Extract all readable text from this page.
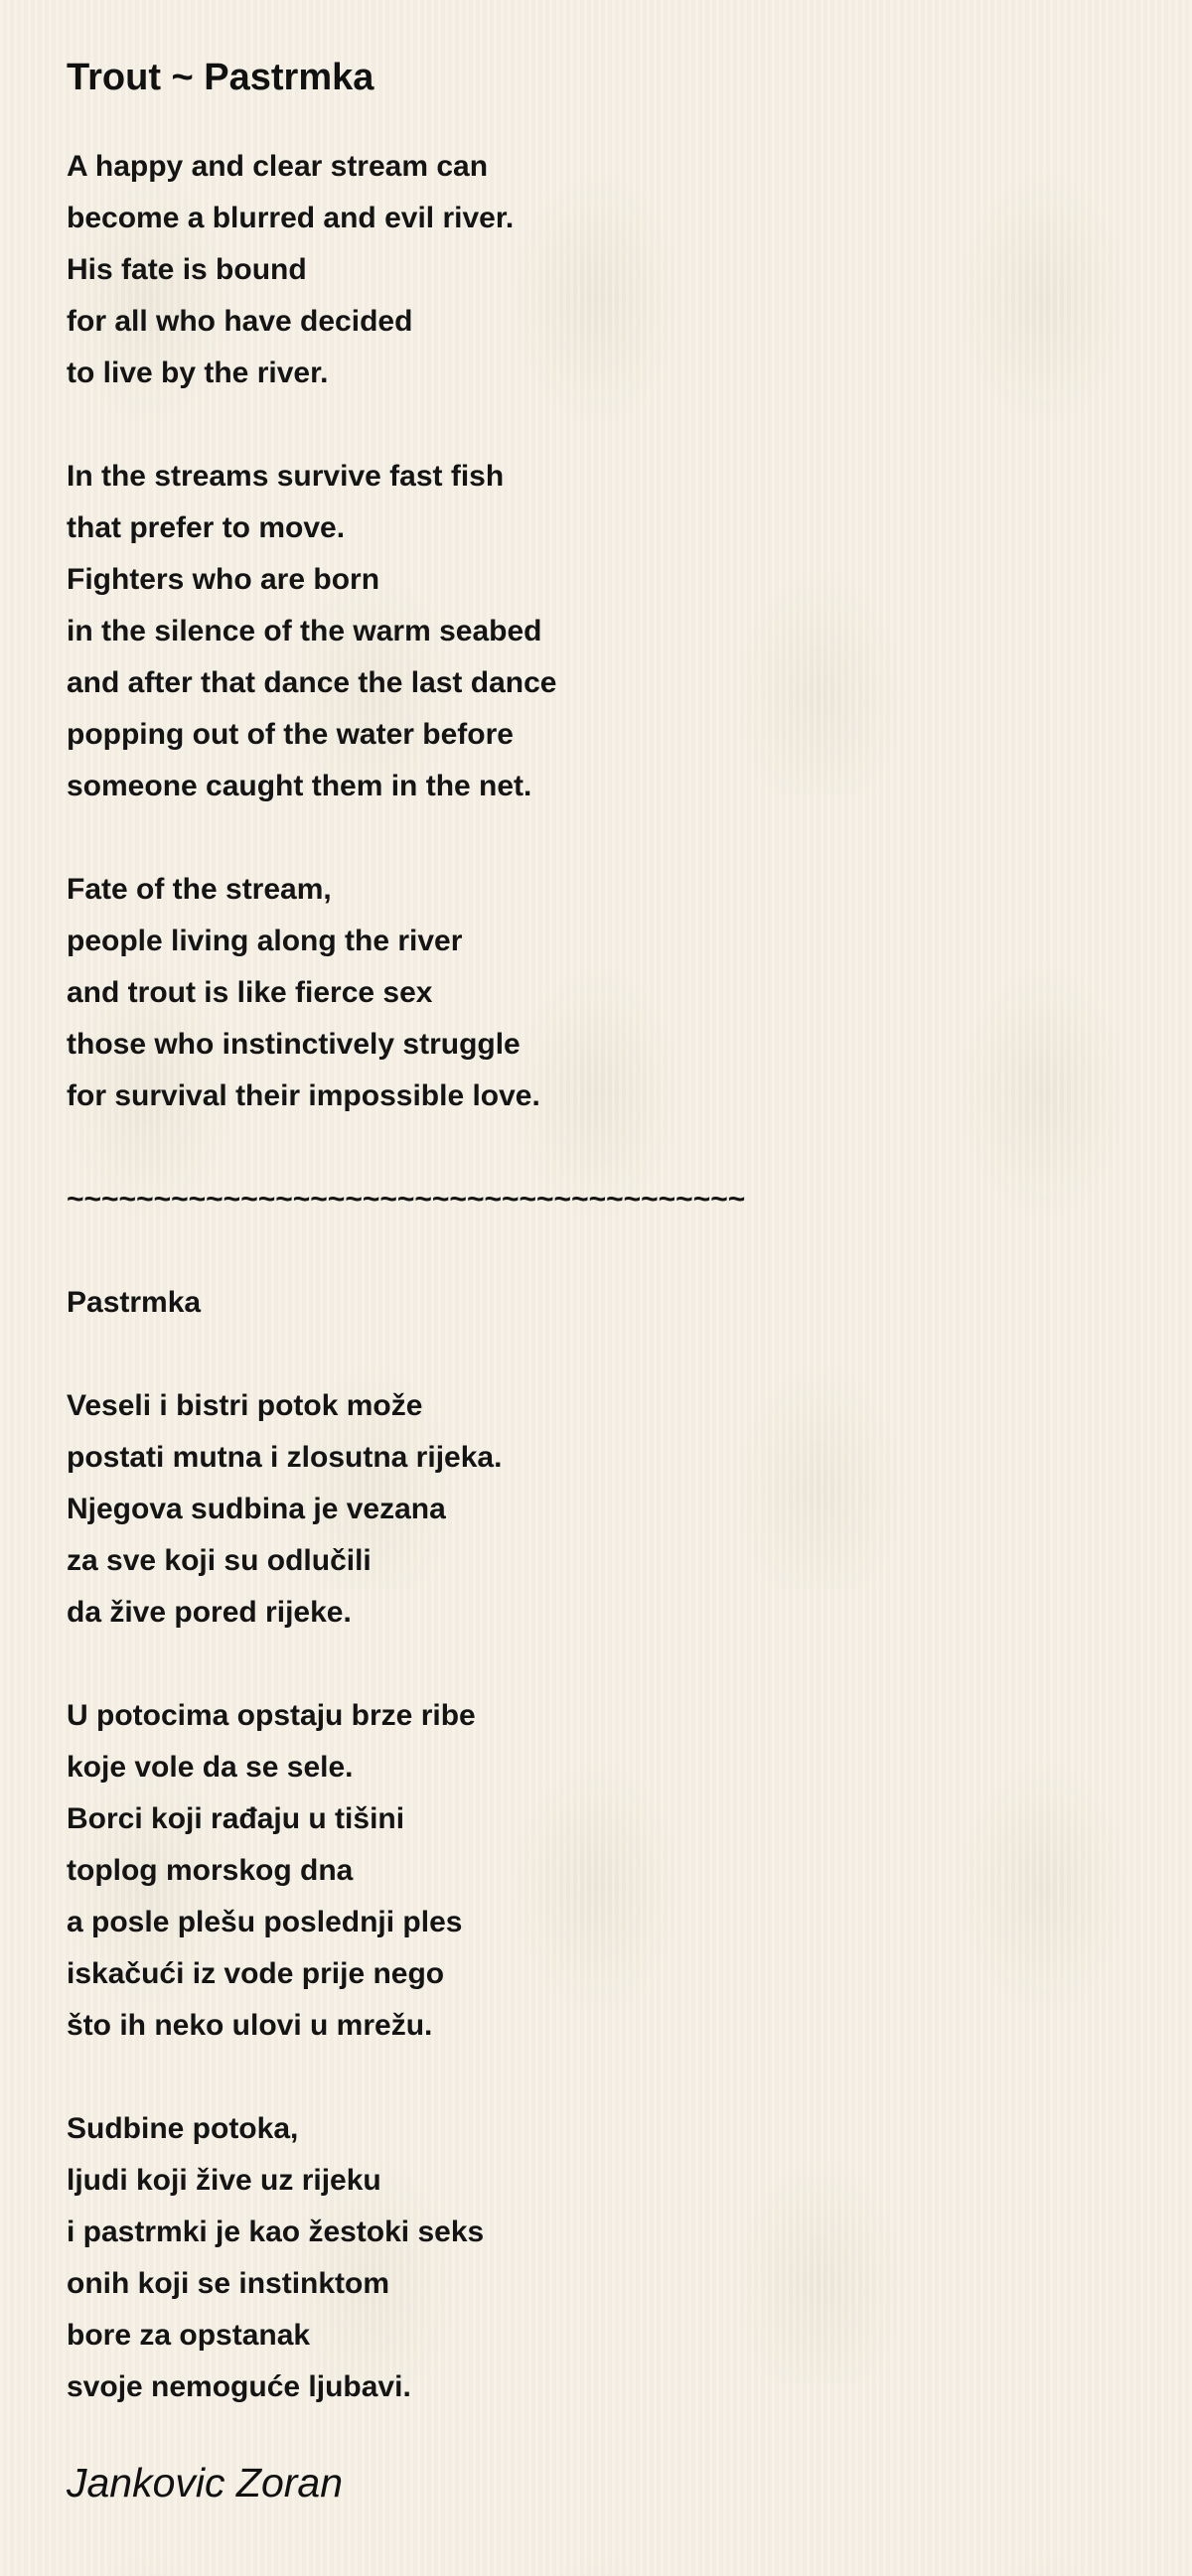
Trout ~ Pastrmka
A happy and clear stream can
become a blurred and evil river.
His fate is bound
for all who have decided
to live by the river.
In the streams survive fast fish
that prefer to move.
Fighters who are born
in the silence of the warm seabed
and after that dance the last dance
popping out of the water before
someone caught them in the net.
Fate of the stream,
people living along the river
and trout is like fierce sex
those who instinctively struggle
for survival their impossible love.
~~~~~~~~~~~~~~~~~~~~~~~~~~~~~~~~~~~~~~~
Pastrmka
Veseli i bistri potok može
postati mutna i zlosutna rijeka.
Njegova sudbina je vezana
za sve koji su odlučili
da žive pored rijeke.
U potocima opstaju brze ribe
koje vole da se sele.
Borci koji rađaju u tišini
toplog morskog dna
a posle plešu poslednji ples
iskačući iz vode prije nego
što ih neko ulovi u mrežu.
Sudbine potoka,
ljudi koji žive uz rijeku
i pastrmki je kao žestoki seks
onih koji se instinktom
bore za opstanak
svoje nemoguće ljubavi.
Jankovic Zoran
